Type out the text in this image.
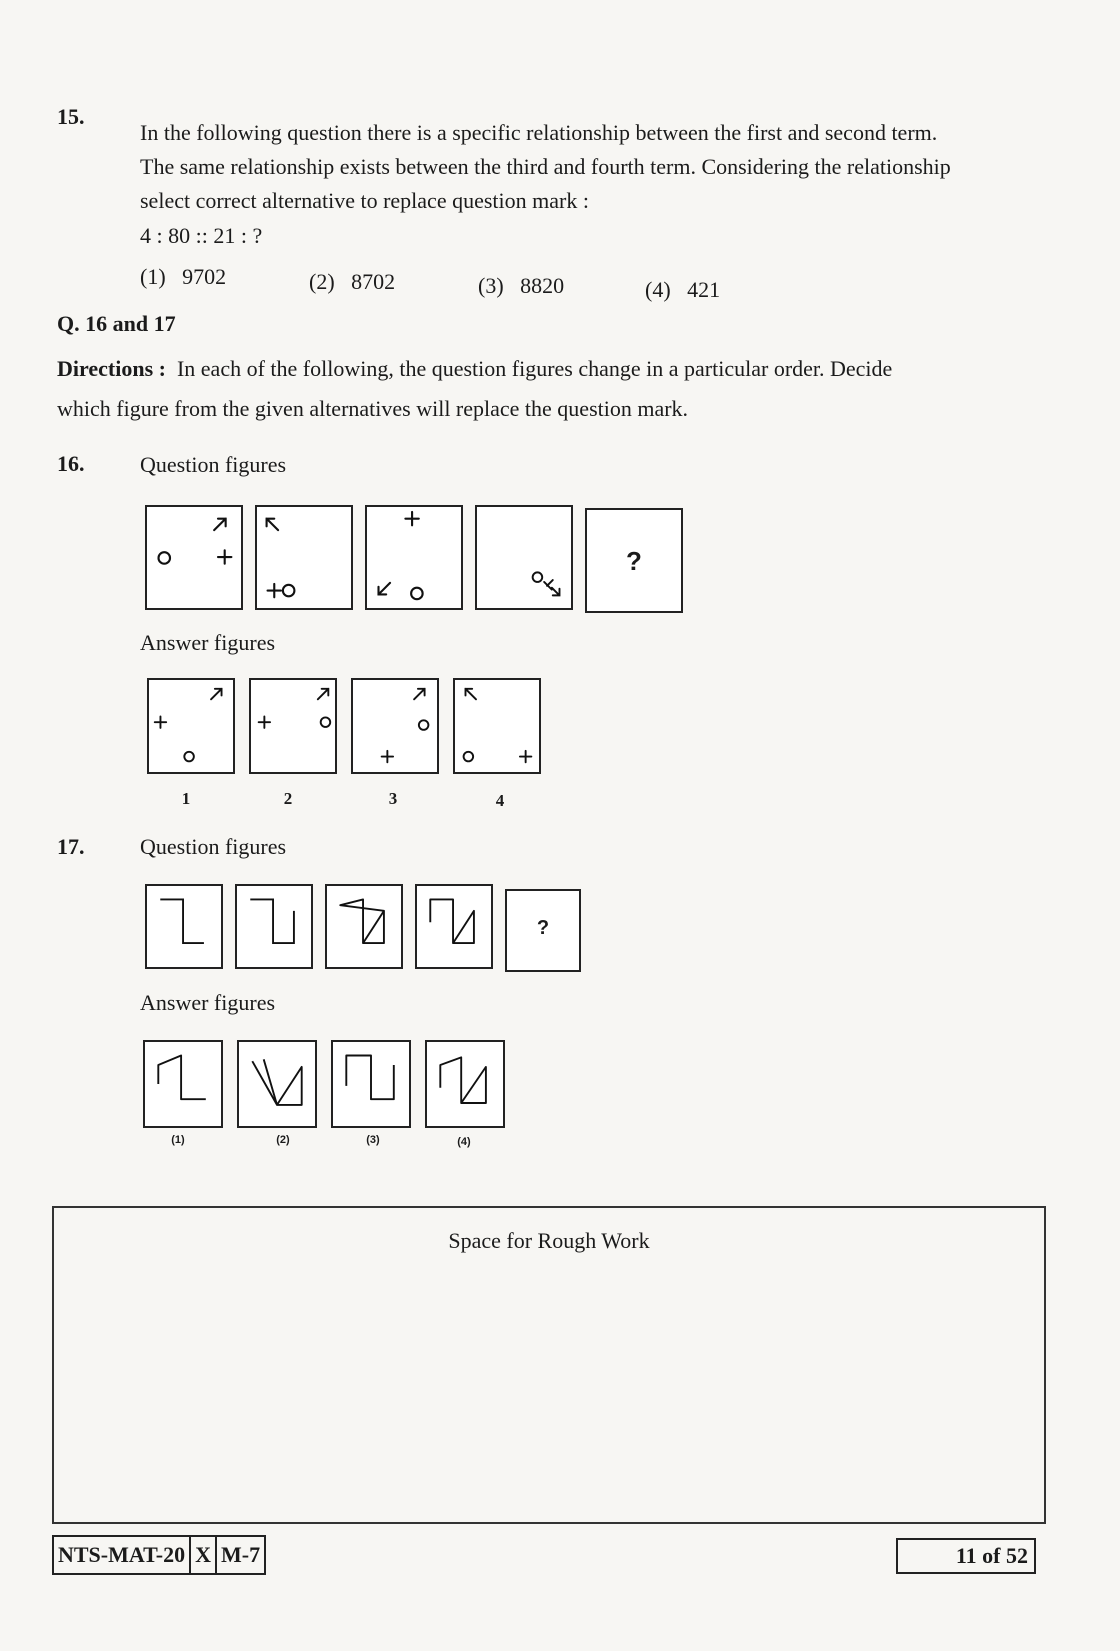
15.
In the following question there is a specific relationship between the first and second term.
The same relationship exists between the third and fourth term. Considering the relationship
select correct alternative to replace question mark :
4 : 80 :: 21 : ?
(1)   9702	(2)   8702	(3)   8820	(4)   421
Q. 16 and 17
Directions : In each of the following, the question figures change in a particular order. Decide
which figure from the given alternatives will replace the question mark.
16.	Question figures
?
Answer figures
1	2	3	4
17.	Question figures
?
Answer figures
(1)	(2)	(3)	(4)
Space for Rough Work
NTS-MAT-20 X M-7	11 of 52
